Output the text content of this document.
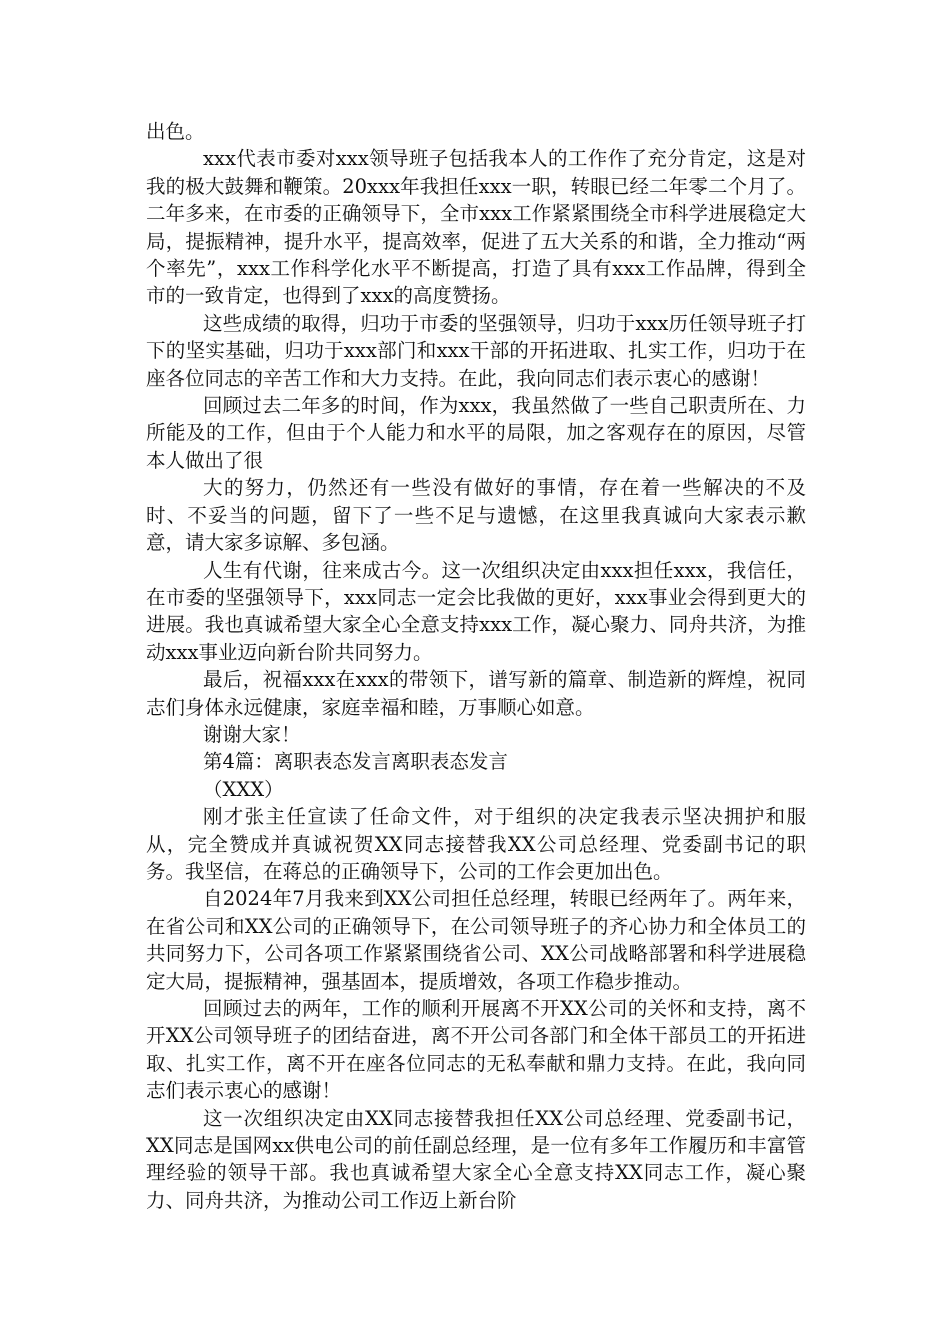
出色。

xxx代表市委对xxx领导班子包括我本人的工作作了充分肯定，这是对我的极大鼓舞和鞭策。20xxx年我担任xxx一职，转眼已经二年零二个月了。二年多来，在市委的正确领导下，全市xxx工作紧紧围绕全市科学进展稳定大局，提振精神，提升水平，提高效率，促进了五大关系的和谐，全力推动“两个率先”，xxx工作科学化水平不断提高，打造了具有xxx工作品牌，得到全市的一致肯定，也得到了xxx的高度赞扬。

这些成绩的取得，归功于市委的坚强领导，归功于xxx历任领导班子打下的坚实基础，归功于xxx部门和xxx干部的开拓进取、扎实工作，归功于在座各位同志的辛苦工作和大力支持。在此，我向同志们表示衷心的感谢！

回顾过去二年多的时间，作为xxx，我虽然做了一些自己职责所在、力所能及的工作，但由于个人能力和水平的局限，加之客观存在的原因，尽管本人做出了很

大的努力，仍然还有一些没有做好的事情，存在着一些解决的不及时、不妥当的问题，留下了一些不足与遗憾，在这里我真诚向大家表示歉意，请大家多谅解、多包涵。

人生有代谢，往来成古今。这一次组织决定由xxx担任xxx，我信任，在市委的坚强领导下，xxx同志一定会比我做的更好，xxx事业会得到更大的进展。我也真诚希望大家全心全意支持xxx工作，凝心聚力、同舟共济，为推动xxx事业迈向新台阶共同努力。

最后，祝福xxx在xxx的带领下，谱写新的篇章、制造新的辉煌，祝同志们身体永远健康，家庭幸福和睦，万事顺心如意。

谢谢大家！

第4篇：离职表态发言离职表态发言

（XXX）

刚才张主任宣读了任命文件，对于组织的决定我表示坚决拥护和服从，完全赞成并真诚祝贺XX同志接替我XX公司总经理、党委副书记的职务。我坚信，在蒋总的正确领导下，公司的工作会更加出色。

自2024年7月我来到XX公司担任总经理，转眼已经两年了。两年来，在省公司和XX公司的正确领导下，在公司领导班子的齐心协力和全体员工的共同努力下，公司各项工作紧紧围绕省公司、XX公司战略部署和科学进展稳定大局，提振精神，强基固本，提质增效，各项工作稳步推动。

回顾过去的两年，工作的顺利开展离不开XX公司的关怀和支持，离不开XX公司领导班子的团结奋进，离不开公司各部门和全体干部员工的开拓进取、扎实工作，离不开在座各位同志的无私奉献和鼎力支持。在此，我向同志们表示衷心的感谢！

这一次组织决定由XX同志接替我担任XX公司总经理、党委副书记，XX同志是国网xx供电公司的前任副总经理，是一位有多年工作履历和丰富管理经验的领导干部。我也真诚希望大家全心全意支持XX同志工作，凝心聚力、同舟共济，为推动公司工作迈上新台阶
